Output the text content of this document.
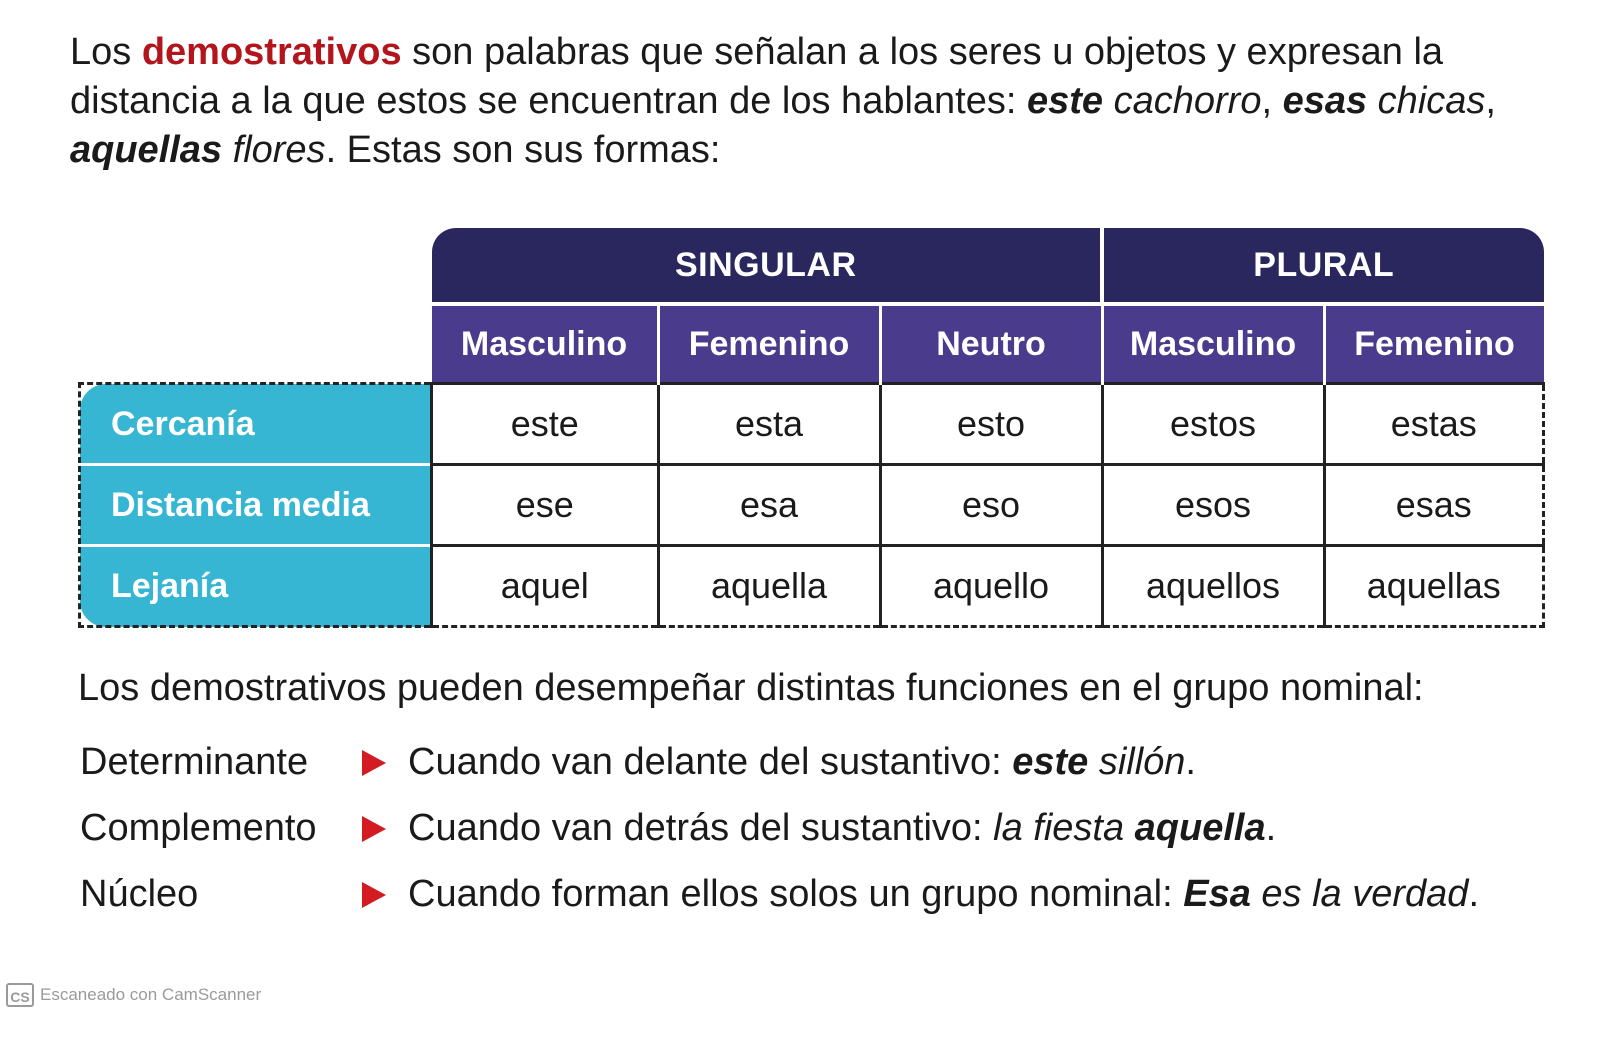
Los demostrativos son palabras que señalan a los seres u objetos y expresan la distancia a la que estos se encuentran de los hablantes: este cachorro, esas chicas, aquellas flores. Estas son sus formas:
	SINGULAR			PLURAL	
	Masculino	Femenino	Neutro	Masculino	Femenino
Cercanía	este	esta	esto	estos	estas
Distancia media	ese	esa	eso	esos	esas
Lejanía	aquel	aquella	aquello	aquellos	aquellas
Los demostrativos pueden desempeñar distintas funciones en el grupo nominal:
Determinante	Cuando van delante del sustantivo: este sillón.
Complemento	Cuando van detrás del sustantivo: la fiesta aquella.
Núcleo	Cuando forman ellos solos un grupo nominal: Esa es la verdad.
CS Escaneado con CamScanner
